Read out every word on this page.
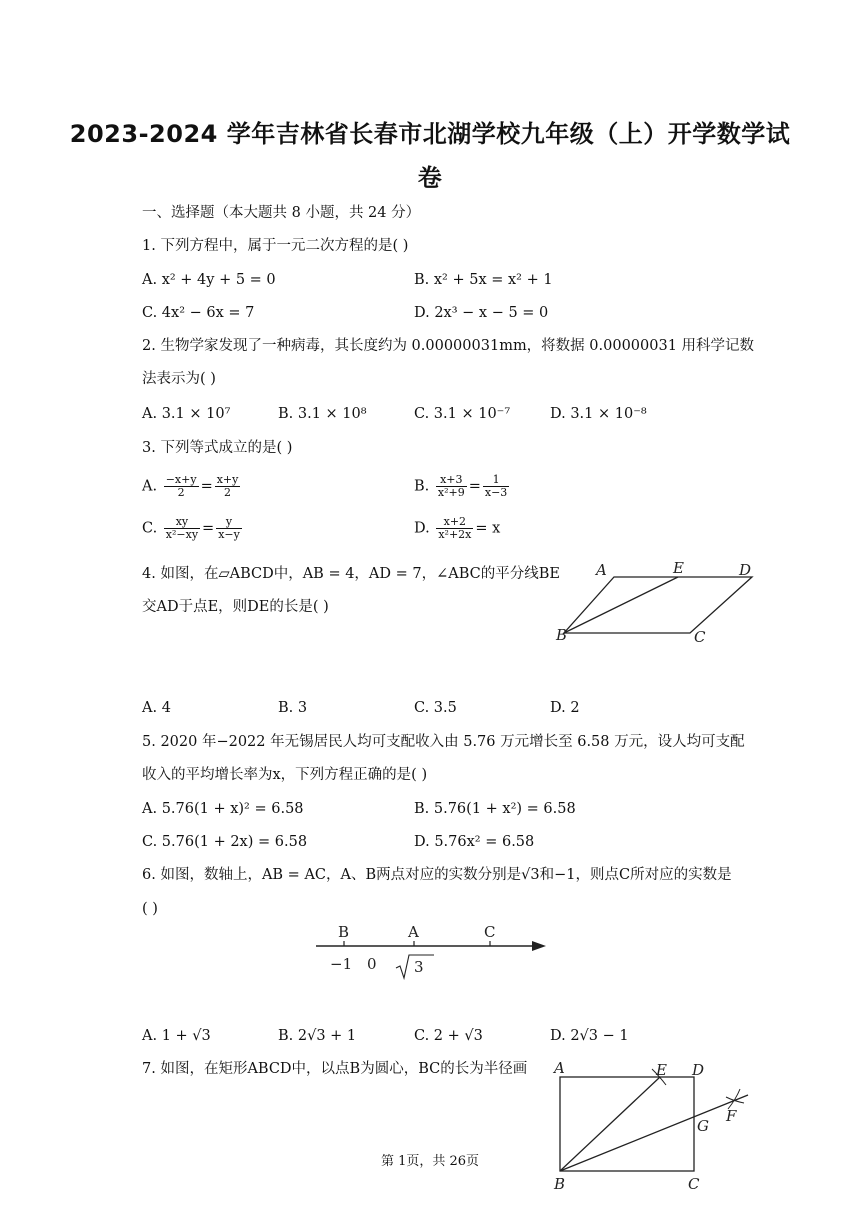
2023-2024 学年吉林省长春市北湖学校九年级（上）开学数学试
卷
一、选择题（本大题共 8 小题，共 24 分）
1. 下列方程中，属于一元二次方程的是( )
A. x² + 4y + 5 = 0	B. x² + 5x = x² + 1
C. 4x² − 6x = 7	D. 2x³ − x − 5 = 0
2. 生物学家发现了一种病毒，其长度约为 0.00000031mm，将数据 0.00000031 用科学记数
法表示为( )
A. 3.1 × 10⁷	B. 3.1 × 10⁸	C. 3.1 × 10⁻⁷	D. 3.1 × 10⁻⁸
3. 下列等式成立的是( )
A. $\frac{-x+y}{2} = \frac{x+y}{2}$	B. $\frac{x+3}{\text{x²+9}} = \frac{1}{x-3}$
C. $\frac{xy}{\text{x²−xy}} = \frac{y}{x-y}$	D. $\frac{x+2}{\text{x²+2x}} = x$
4. 如图，在▱ABCD中，AB = 4，AD = 7，∠ABC的平分线BE
交AD于点E，则DE的长是( )
A	E	D
B	C
A. 4	B. 3	C. 3.5	D. 2
5. 2020 年−2022 年无锡居民人均可支配收入由 5.76 万元增长至 6.58 万元，设人均可支配
收入的平均增长率为x，下列方程正确的是( )
A. 5.76(1 + x)² = 6.58	B. 5.76(1 + x²) = 6.58
C. 5.76(1 + 2x) = 6.58	D. 5.76x² = 6.58
6. 如图，数轴上，AB = AC，A、B两点对应的实数分别是√3和−1，则点C所对应的实数是
( )
B	A	C
−1 0 3
A. 1 + √3	B. 2√3 + 1	C. 2 + √3	D. 2√3 − 1
7. 如图，在矩形ABCD中，以点B为圆心，BC的长为半径画 A	E D
G
F
B	C
第 1页，共 26页
